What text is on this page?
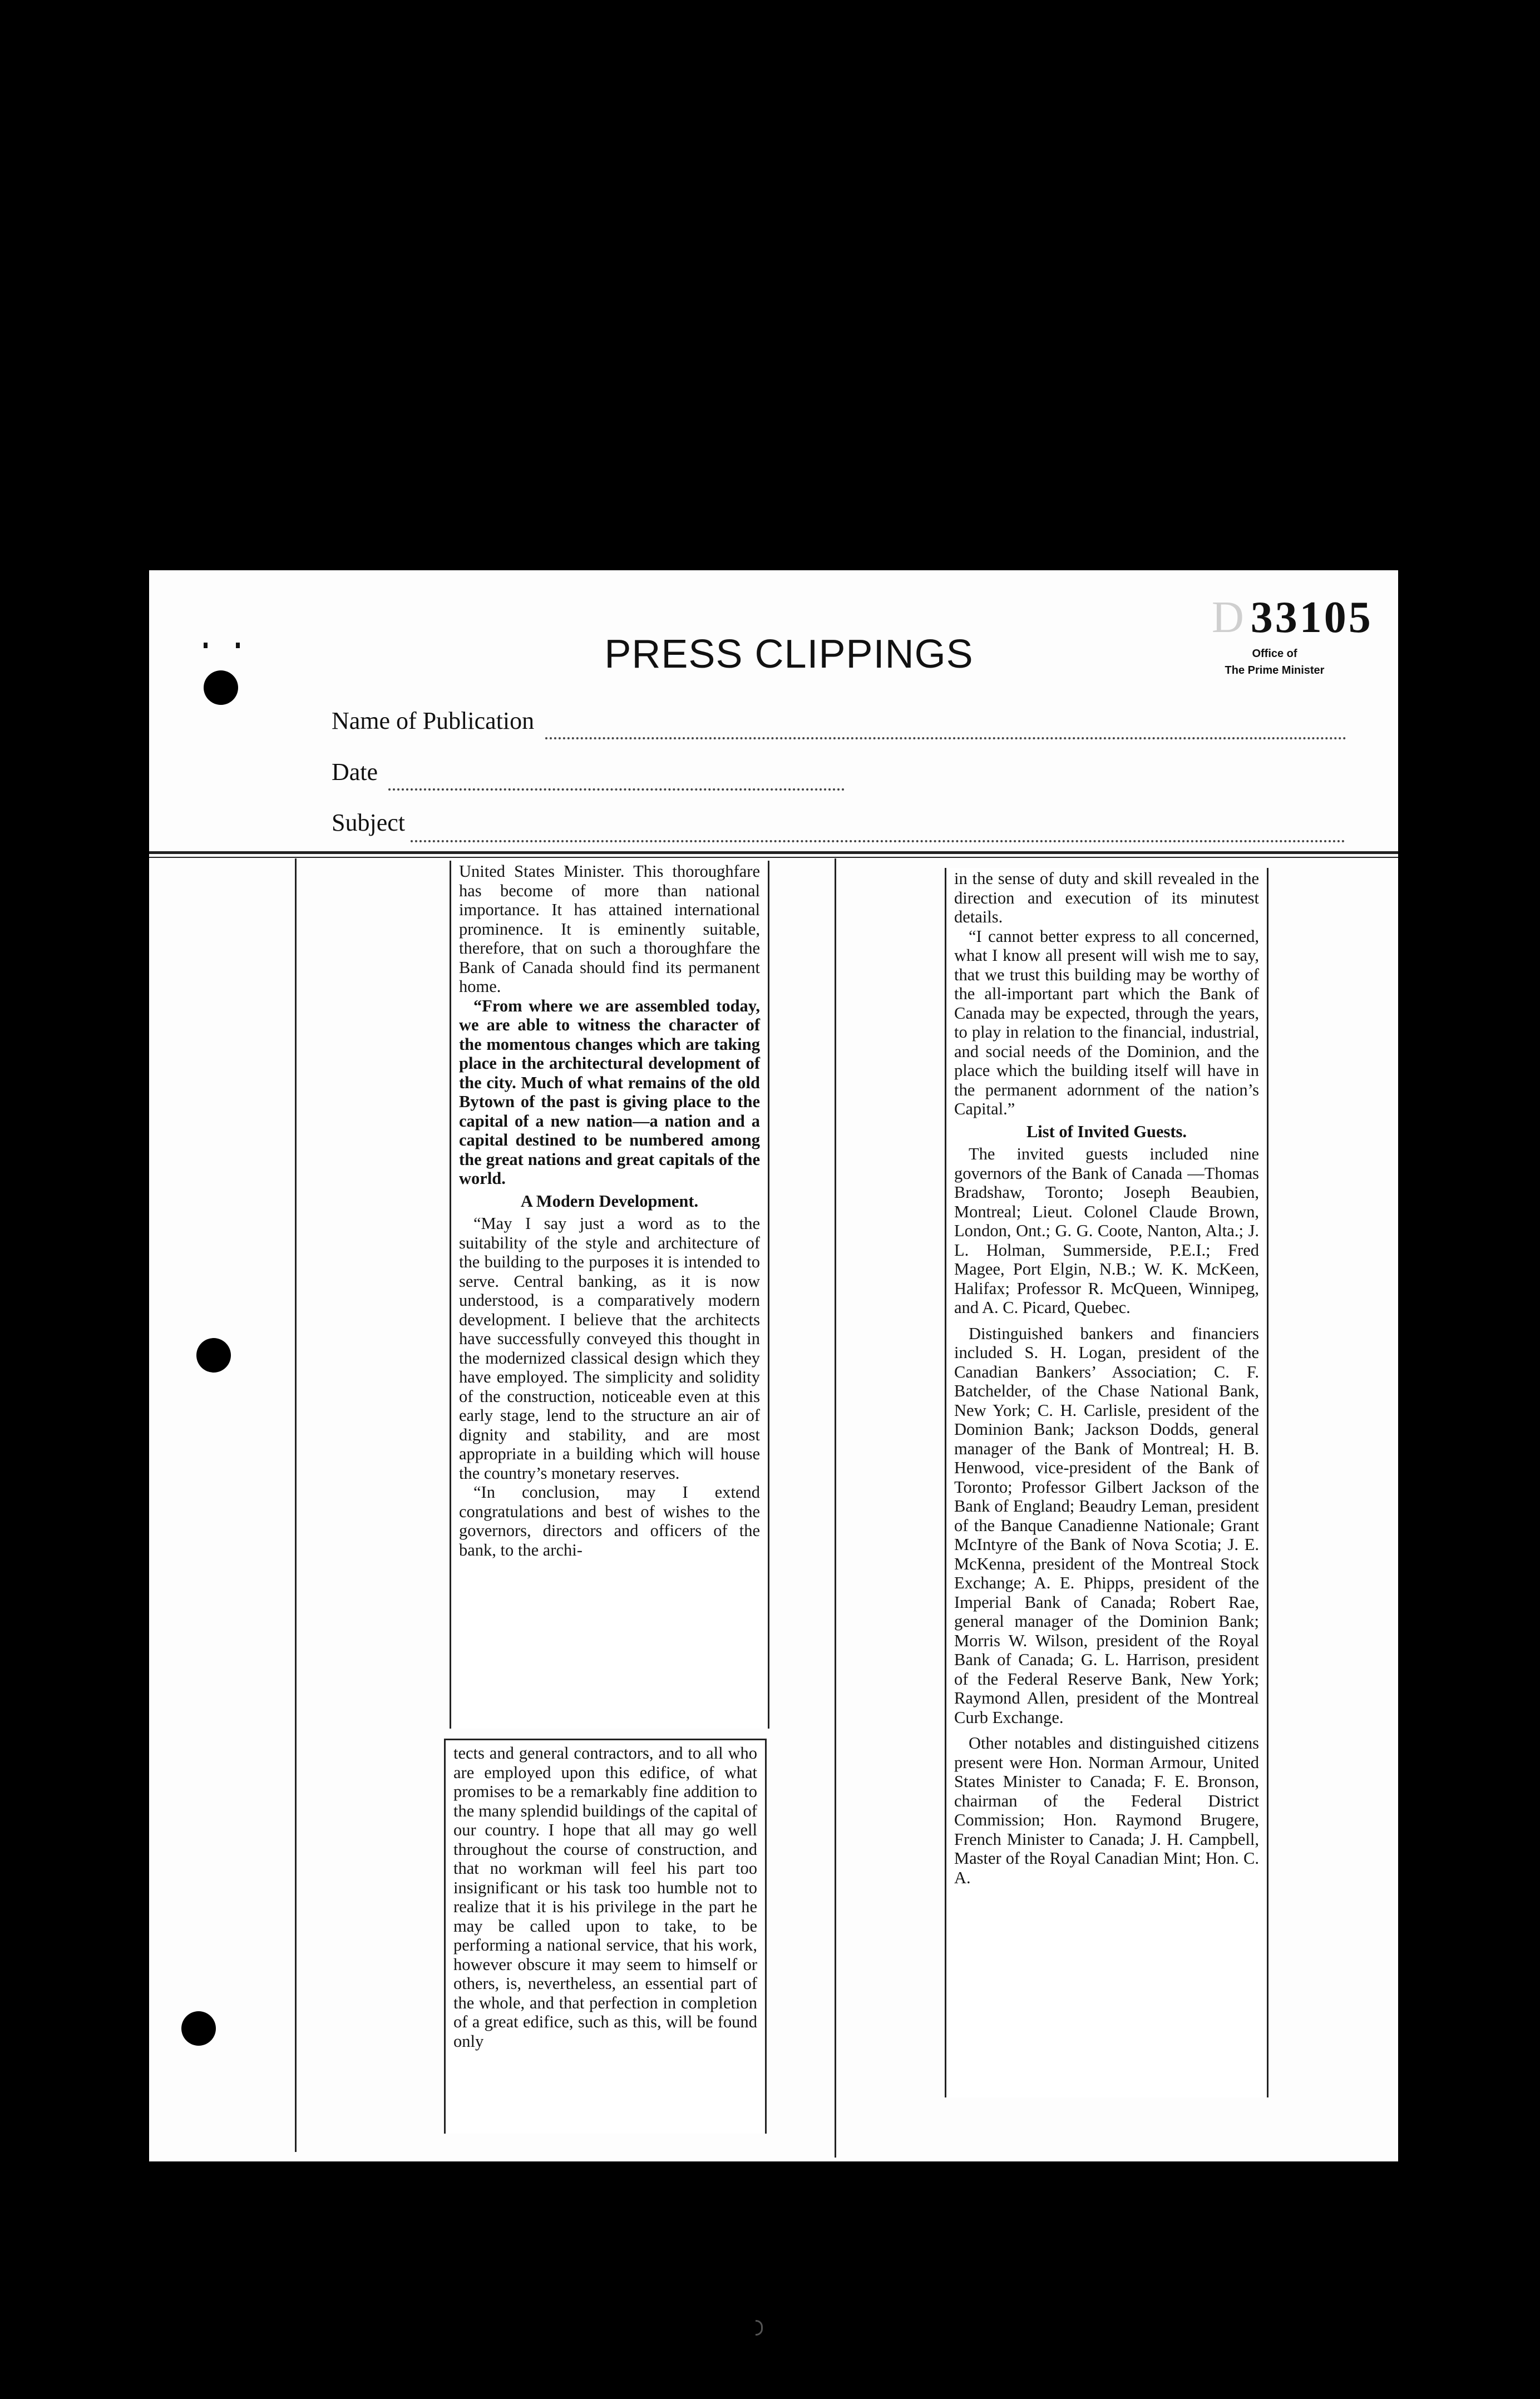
PRESS CLIPPINGS
D 33105
Office of
The Prime Minister
Name of Publication
Date
Subject

United States Minister. This thoroughfare has become of more than national importance. It has attained international prominence. It is eminently suitable, therefore, that on such a thoroughfare the Bank of Canada should find its permanent home.

“From where we are assembled today, we are able to witness the character of the momentous changes which are taking place in the architectural development of the city. Much of what remains of the old Bytown of the past is giving place to the capital of a new nation—a nation and a capital destined to be numbered among the great nations and great capitals of the world.

A Modern Development.

“May I say just a word as to the suitability of the style and architecture of the building to the purposes it is intended to serve. Central banking, as it is now understood, is a comparatively modern development. I believe that the architects have successfully conveyed this thought in the modernized classical design which they have employed. The simplicity and solidity of the construction, noticeable even at this early stage, lend to the structure an air of dignity and stability, and are most appropriate in a building which will house the country’s monetary reserves.

“In conclusion, may I extend congratulations and best of wishes to the governors, directors and officers of the bank, to the archi-

tects and general contractors, and to all who are employed upon this edifice, of what promises to be a remarkably fine addition to the many splendid buildings of the capital of our country. I hope that all may go well throughout the course of construction, and that no workman will feel his part too insignificant or his task too humble not to realize that it is his privilege in the part he may be called upon to take, to be performing a national service, that his work, however obscure it may seem to himself or others, is, nevertheless, an essential part of the whole, and that perfection in completion of a great edifice, such as this, will be found only

in the sense of duty and skill revealed in the direction and execution of its minutest details.

“I cannot better express to all concerned, what I know all present will wish me to say, that we trust this building may be worthy of the all-important part which the Bank of Canada may be expected, through the years, to play in relation to the financial, industrial, and social needs of the Dominion, and the place which the building itself will have in the permanent adornment of the nation’s Capital.”

List of Invited Guests.

The invited guests included nine governors of the Bank of Canada —Thomas Bradshaw, Toronto; Joseph Beaubien, Montreal; Lieut. Colonel Claude Brown, London, Ont.; G. G. Coote, Nanton, Alta.; J. L. Holman, Summerside, P.E.I.; Fred Magee, Port Elgin, N.B.; W. K. McKeen, Halifax; Professor R. McQueen, Winnipeg, and A. C. Picard, Quebec.

Distinguished bankers and financiers included S. H. Logan, president of the Canadian Bankers’ Association; C. F. Batchelder, of the Chase National Bank, New York; C. H. Carlisle, president of the Dominion Bank; Jackson Dodds, general manager of the Bank of Montreal; H. B. Henwood, vice-president of the Bank of Toronto; Professor Gilbert Jackson of the Bank of England; Beaudry Leman, president of the Banque Canadienne Nationale; Grant McIntyre of the Bank of Nova Scotia; J. E. McKenna, president of the Montreal Stock Exchange; A. E. Phipps, president of the Imperial Bank of Canada; Robert Rae, general manager of the Dominion Bank; Morris W. Wilson, president of the Royal Bank of Canada; G. L. Harrison, president of the Federal Reserve Bank, New York; Raymond Allen, president of the Montreal Curb Exchange.

Other notables and distinguished citizens present were Hon. Norman Armour, United States Minister to Canada; F. E. Bronson, chairman of the Federal District Commission; Hon. Raymond Brugere, French Minister to Canada; J. H. Campbell, Master of the Royal Canadian Mint; Hon. C. A.
